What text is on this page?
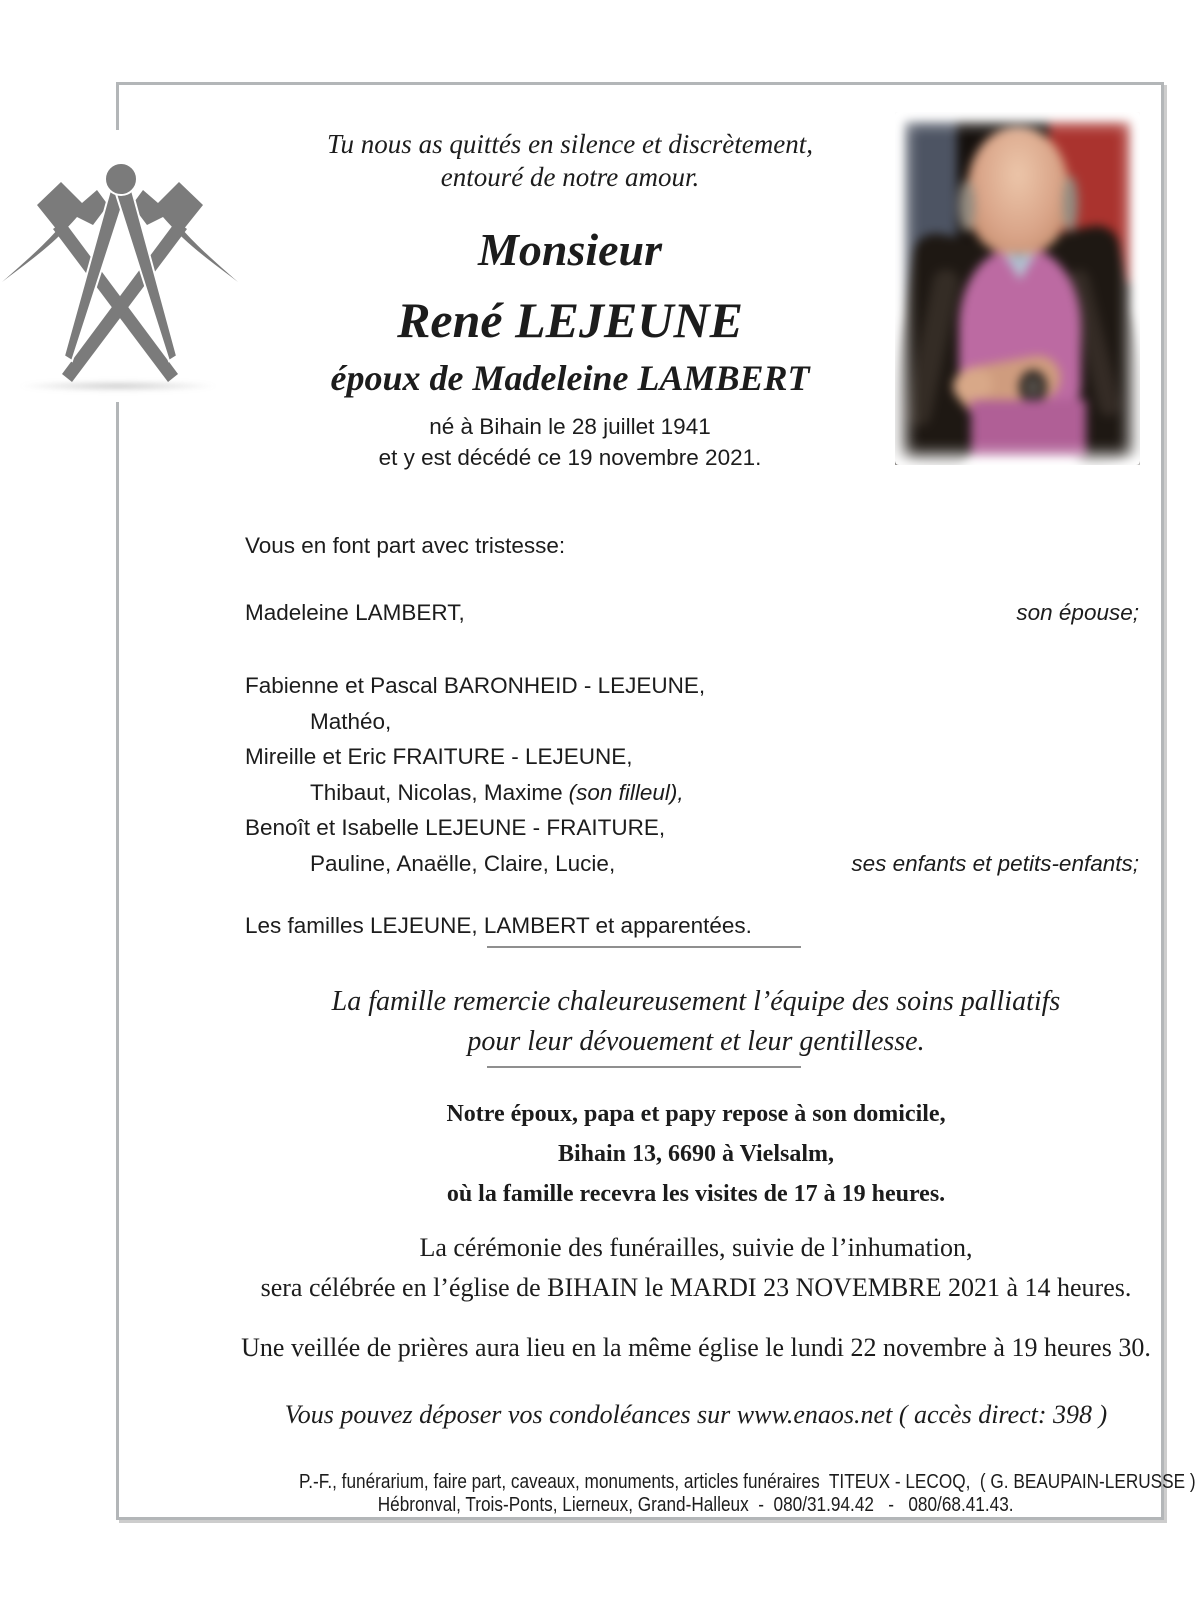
Tu nous as quittés en silence et discrètement,
entouré de notre amour.
Monsieur
René LEJEUNE
époux de Madeleine LAMBERT
né à Bihain le 28 juillet 1941
et y est décédé ce 19 novembre 2021.
Vous en font part avec tristesse:
Madeleine LAMBERT,	son épouse;
Fabienne et Pascal BARONHEID - LEJEUNE,
Mathéo,
Mireille et Eric FRAITURE - LEJEUNE,
Thibaut, Nicolas, Maxime (son filleul),
Benoît et Isabelle LEJEUNE - FRAITURE,
Pauline, Anaëlle, Claire, Lucie,	ses enfants et petits-enfants;
Les familles LEJEUNE, LAMBERT et apparentées.
La famille remercie chaleureusement l’équipe des soins palliatifs
pour leur dévouement et leur gentillesse.
Notre époux, papa et papy repose à son domicile,
Bihain 13, 6690 à Vielsalm,
où la famille recevra les visites de 17 à 19 heures.
La cérémonie des funérailles, suivie de l’inhumation,
sera célébrée en l’église de BIHAIN le MARDI 23 NOVEMBRE 2021 à 14 heures.
Une veillée de prières aura lieu en la même église le lundi 22 novembre à 19 heures 30.
Vous pouvez déposer vos condoléances sur www.enaos.net ( accès direct: 398 )
P.-F., funérarium, faire part, caveaux, monuments, articles funéraires  TITEUX - LECOQ,  ( G. BEAUPAIN-LERUSSE )
Hébronval, Trois-Ponts, Lierneux, Grand-Halleux  -  080/31.94.42   -   080/68.41.43.
